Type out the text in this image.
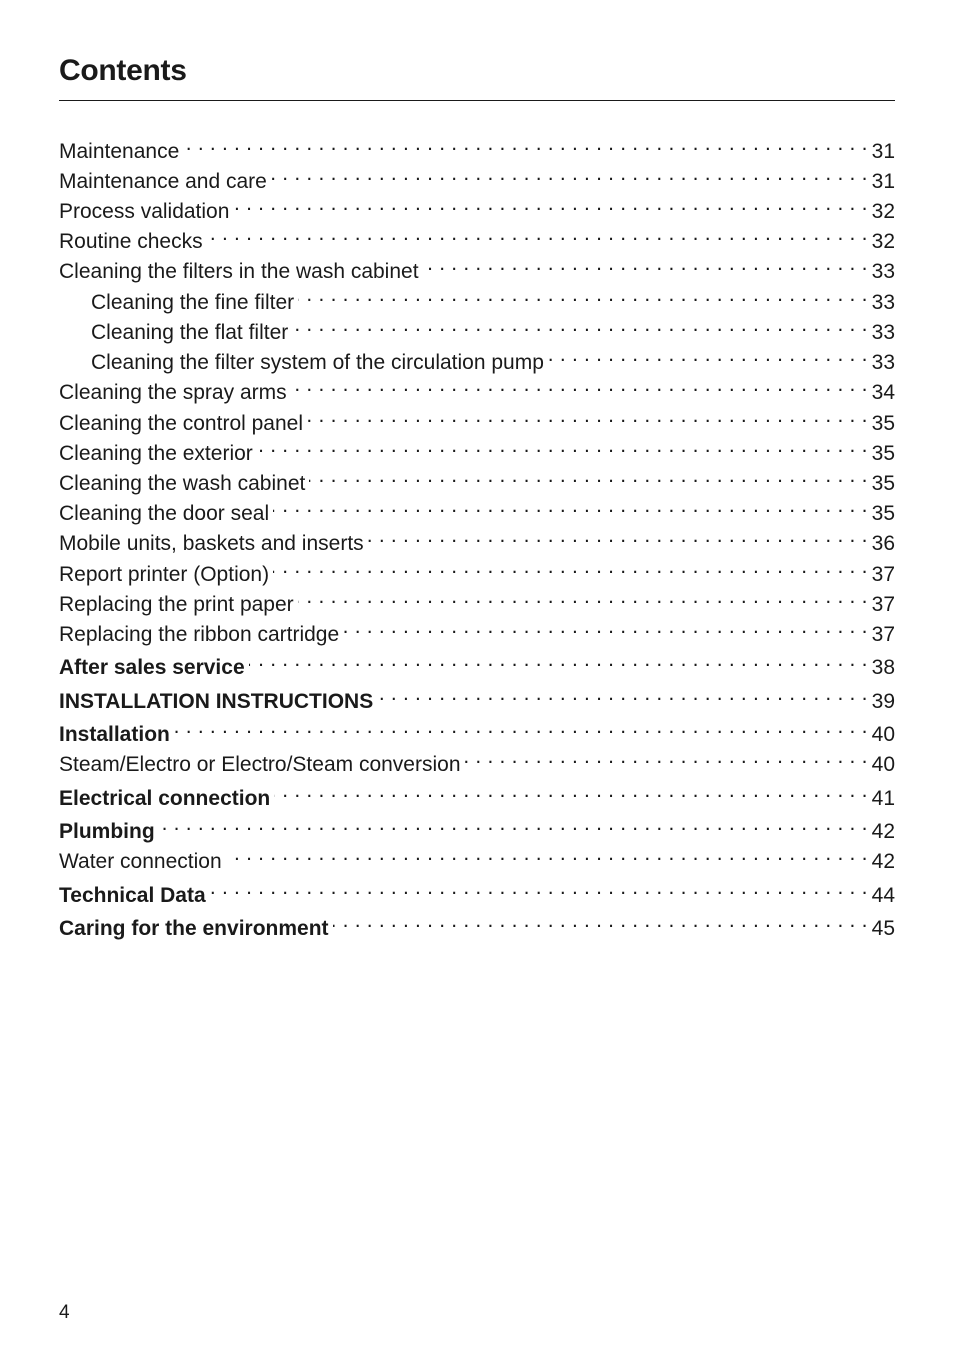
Contents
Maintenance . . .	31
Maintenance and care . . .	31
Process validation . . .	32
Routine checks . . .	32
Cleaning the filters in the wash cabinet . . .	33
Cleaning the fine filter . . .	33
Cleaning the flat filter . . .	33
Cleaning the filter system of the circulation pump . . .	33
Cleaning the spray arms . . .	34
Cleaning the control panel . . .	35
Cleaning the exterior . . .	35
Cleaning the wash cabinet . . .	35
Cleaning the door seal . . .	35
Mobile units, baskets and inserts . . .	36
Report printer (Option) . . .	37
Replacing the print paper . . .	37
Replacing the ribbon cartridge . . .	37
After sales service . . .	38
INSTALLATION INSTRUCTIONS . . .	39
Installation . . .	40
Steam/Electro or Electro/Steam conversion . . .	40
Electrical connection . . .	41
Plumbing . . .	42
Water connection . . .	42
Technical Data . . .	44
Caring for the environment . . .	45
4
